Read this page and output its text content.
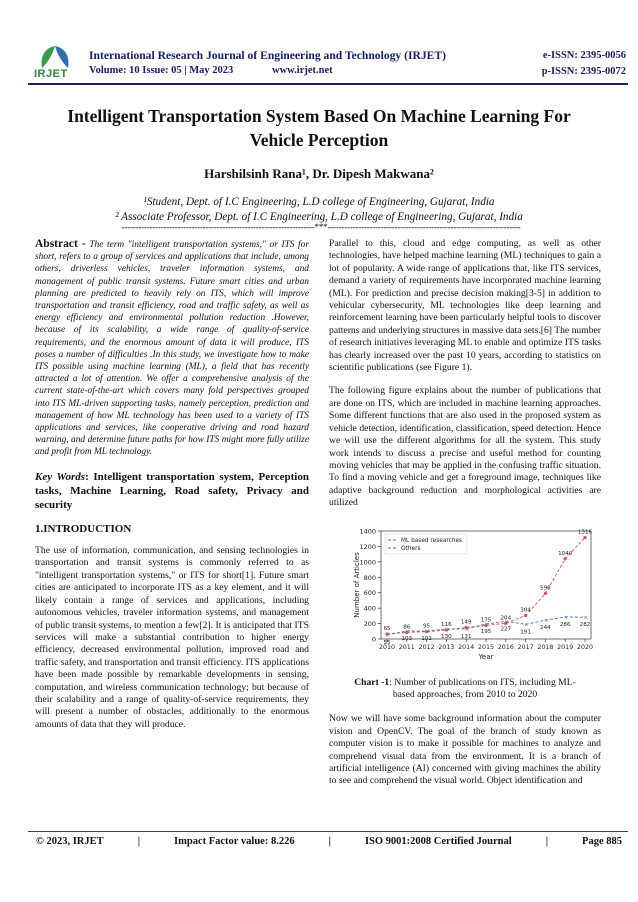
IRJET
International Research Journal of Engineering and Technology (IRJET)	e-ISSN: 2395-0056
Volume: 10 Issue: 05 | May 2023	www.irjet.net	p-ISSN: 2395-0072
Intelligent Transportation System Based On Machine Learning For Vehicle Perception
Harshilsinh Rana¹, Dr. Dipesh Makwana²
¹Student, Dept. of I.C Engineering, L.D college of Engineering, Gujarat, India
² Associate Professor, Dept. of I.C Engineering, L.D college of Engineering, Gujarat, India
---------------------------------------------------------------------***---------------------------------------------------------------------

Abstract - The term "intelligent transportation systems," or ITS for short, refers to a group of services and applications that include, among others, driverless vehicles, traveler information systems, and management of public transit systems. Future smart cities and urban planning are predicted to heavily rely on ITS, which will improve transportation and transit efficiency, road and traffic safety, as well as energy efficiency and environmental pollution reduction .However, because of its scalability, a wide range of quality-of-service requirements, and the enormous amount of data it will produce, ITS poses a number of difficulties .In this study, we investigate how to make ITS possible using machine learning (ML), a field that has recently attracted a lot of attention. We offer a comprehensive analysis of the current state-of-the-art which covers many fold perspectives grouped into ITS ML-driven supporting tasks, namely perception, prediction and management of how ML technology has been used to a variety of ITS applications and services, like cooperative driving and road hazard warning, and determine future paths for how ITS might more fully utilize and profit from ML technology.

Key Words: Intelligent transportation system, Perception tasks, Machine Learning, Road safety, Privacy and security

1.INTRODUCTION

The use of information, communication, and sensing technologies in transportation and transit systems is commonly referred to as "intelligent transportation systems," or ITS for short[1]. Future smart cities are anticipated to incorporate ITS as a key element, and it will likely contain a range of services and applications, including autonomous vehicles, traveler information systems, and management of public transit systems, to mention a few[2]. It is anticipated that ITS services will make a substantial contribution to higher energy efficiency, decreased environmental pollution, improved road and traffic safety, and transportation and transit efficiency. ITS applications have been made possible by remarkable developments in sensing, computation, and wireless communication technology; but because of their scalability and a range of quality-of-service requirements, they will present a number of obstacles, additionally to the enormous amounts of data that they will produce.

Parallel to this, cloud and edge computing, as well as other technologies, have helped machine learning (ML) techniques to gain a lot of popularity. A wide range of applications that, like ITS services, demand a variety of requirements have incorporated machine learning (ML). For prediction and precise decision making[3-5] in addition to vehicular cybersecurity, ML technologies like deep learning and reinforcement learning have been particularly helpful tools to discover patterns and underlying structures in massive data sets.[6] The number of research initiatives leveraging ML to enable and optimize ITS tasks has clearly increased over the past 10 years, according to statistics on scientific publications (see Figure 1).

The following figure explains about the number of publications that are done on ITS, which are included in machine learning approaches. Some different functions that are also used in the proposed system as vehicle detection, identification, classification, speed detection. Hence we will use the different algorithms for all the system. This study work intends to discuss a precise and useful method for counting moving vehicles that may be applied in the confusing traffic situation. To find a moving vehicle and get a foreground image, techniques like adaptive background reduction and morphological activities are utilized

0
200
400
600
800
1000
1200
1400
2010 2011 2012 2013 2014 2015 2016 2017 2018 2019 2020
Year
Number of Articles
65 86 95 116 149 175 204
304
590
1040
1316
×
55
×
103
×
102
×
130
×
131
×
195
×
227
×
191
×
244
×
286
×
282
ML based researches
Others
Chart -1: Number of publications on ITS, including ML-based approaches, from 2010 to 2020

Now we will have some background information about the computer vision and OpenCV. The goal of the branch of study known as computer vision is to make it possible for machines to analyze and comprehend visual data from the environment. It is a branch of artificial intelligence (AI) concerned with giving machines the ability to see and comprehend the visual world. Object identification and

© 2023, IRJET	|	Impact Factor value: 8.226	|	ISO 9001:2008 Certified Journal	|	Page 885
